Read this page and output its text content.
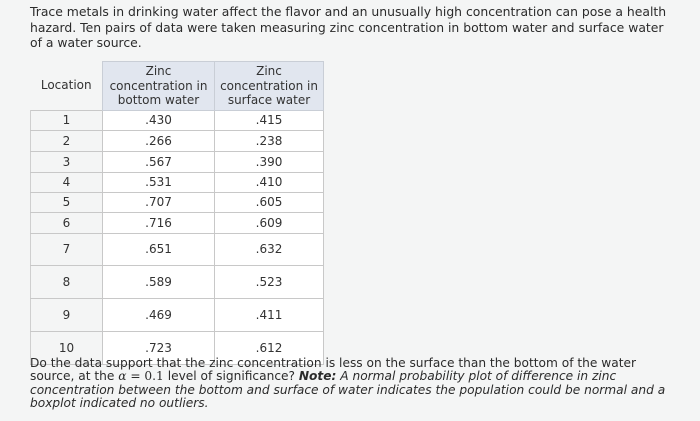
Trace metals in drinking water affect the flavor and an unusually high concentration can pose a health hazard. Ten pairs of data were taken measuring zinc concentration in bottom water and surface water of a water source.

Location	Zinc concentration in bottom water	Zinc concentration in surface water
1	.430	.415
2	.266	.238
3	.567	.390
4	.531	.410
5	.707	.605
6	.716	.609
7	.651	.632
8	.589	.523
9	.469	.411
10	.723	.612

Do the data support that the zinc concentration is less on the surface than the bottom of the water source, at the α = 0.1 level of significance? Note: A normal probability plot of difference in zinc concentration between the bottom and surface of water indicates the population could be normal and a boxplot indicated no outliers.
